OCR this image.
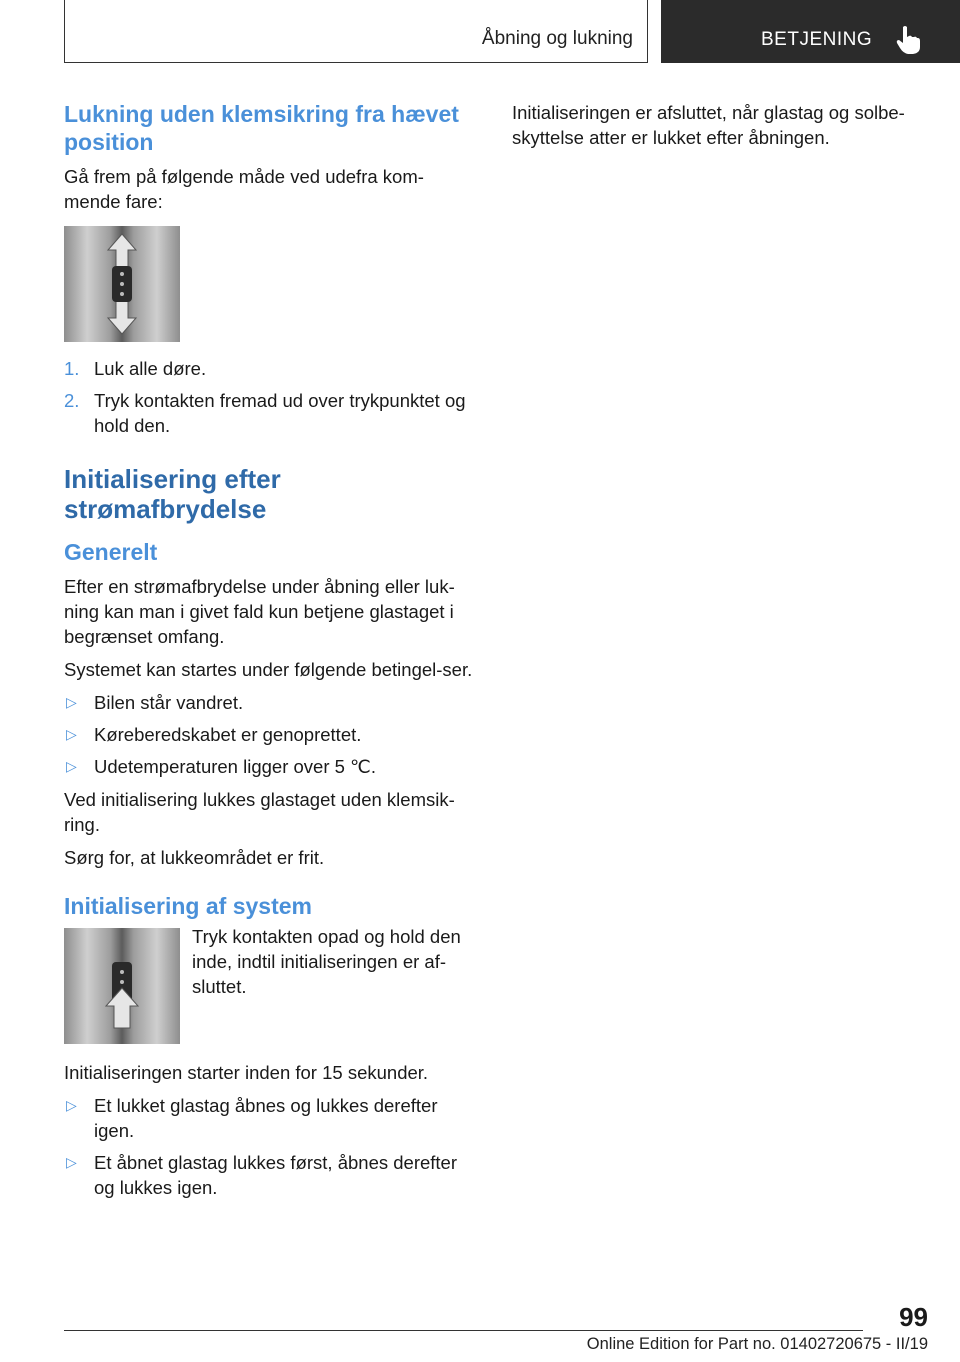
Åbning og lukning	BETJENING
Lukning uden klemsikring fra hævet position

Gå frem på følgende måde ved udefra kom-mende fare:

1. Luk alle døre.
2. Tryk kontakten fremad ud over trykpunktet og hold den.
Initialisering efter strømafbrydelse
Generelt

Efter en strømafbrydelse under åbning eller luk-ning kan man i givet fald kun betjene glastaget i begrænset omfang.

Systemet kan startes under følgende betingel-ser.

▷ Bilen står vandret.
▷ Køreberedskabet er genoprettet.
▷ Udetemperaturen ligger over 5 ℃.

Ved initialisering lukkes glastaget uden klemsik-ring.

Sørg for, at lukkeområdet er frit.

Initialisering af system

Tryk kontakten opad og hold den inde, indtil initialiseringen er af-sluttet.

Initialiseringen starter inden for 15 sekunder.

▷ Et lukket glastag åbnes og lukkes derefter igen.
▷ Et åbnet glastag lukkes først, åbnes derefter og lukkes igen.

Initialiseringen er afsluttet, når glastag og solbe-skyttelse atter er lukket efter åbningen.

99
Online Edition for Part no. 01402720675 - II/19
